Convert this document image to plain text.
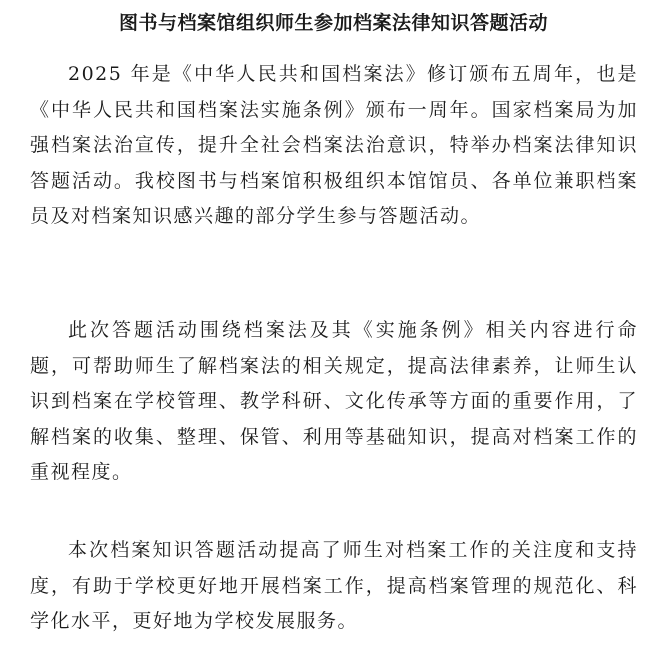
图书与档案馆组织师生参加档案法律知识答题活动

2025 年是《中华人民共和国档案法》修订颁布五周年，也是《中华人民共和国档案法实施条例》颁布一周年。国家档案局为加强档案法治宣传，提升全社会档案法治意识，特举办档案法律知识答题活动。我校图书与档案馆积极组织本馆馆员、各单位兼职档案员及对档案知识感兴趣的部分学生参与答题活动。

此次答题活动围绕档案法及其《实施条例》相关内容进行命题，可帮助师生了解档案法的相关规定，提高法律素养，让师生认识到档案在学校管理、教学科研、文化传承等方面的重要作用，了解档案的收集、整理、保管、利用等基础知识，提高对档案工作的重视程度。

本次档案知识答题活动提高了师生对档案工作的关注度和支持度，有助于学校更好地开展档案工作，提高档案管理的规范化、科学化水平，更好地为学校发展服务。
